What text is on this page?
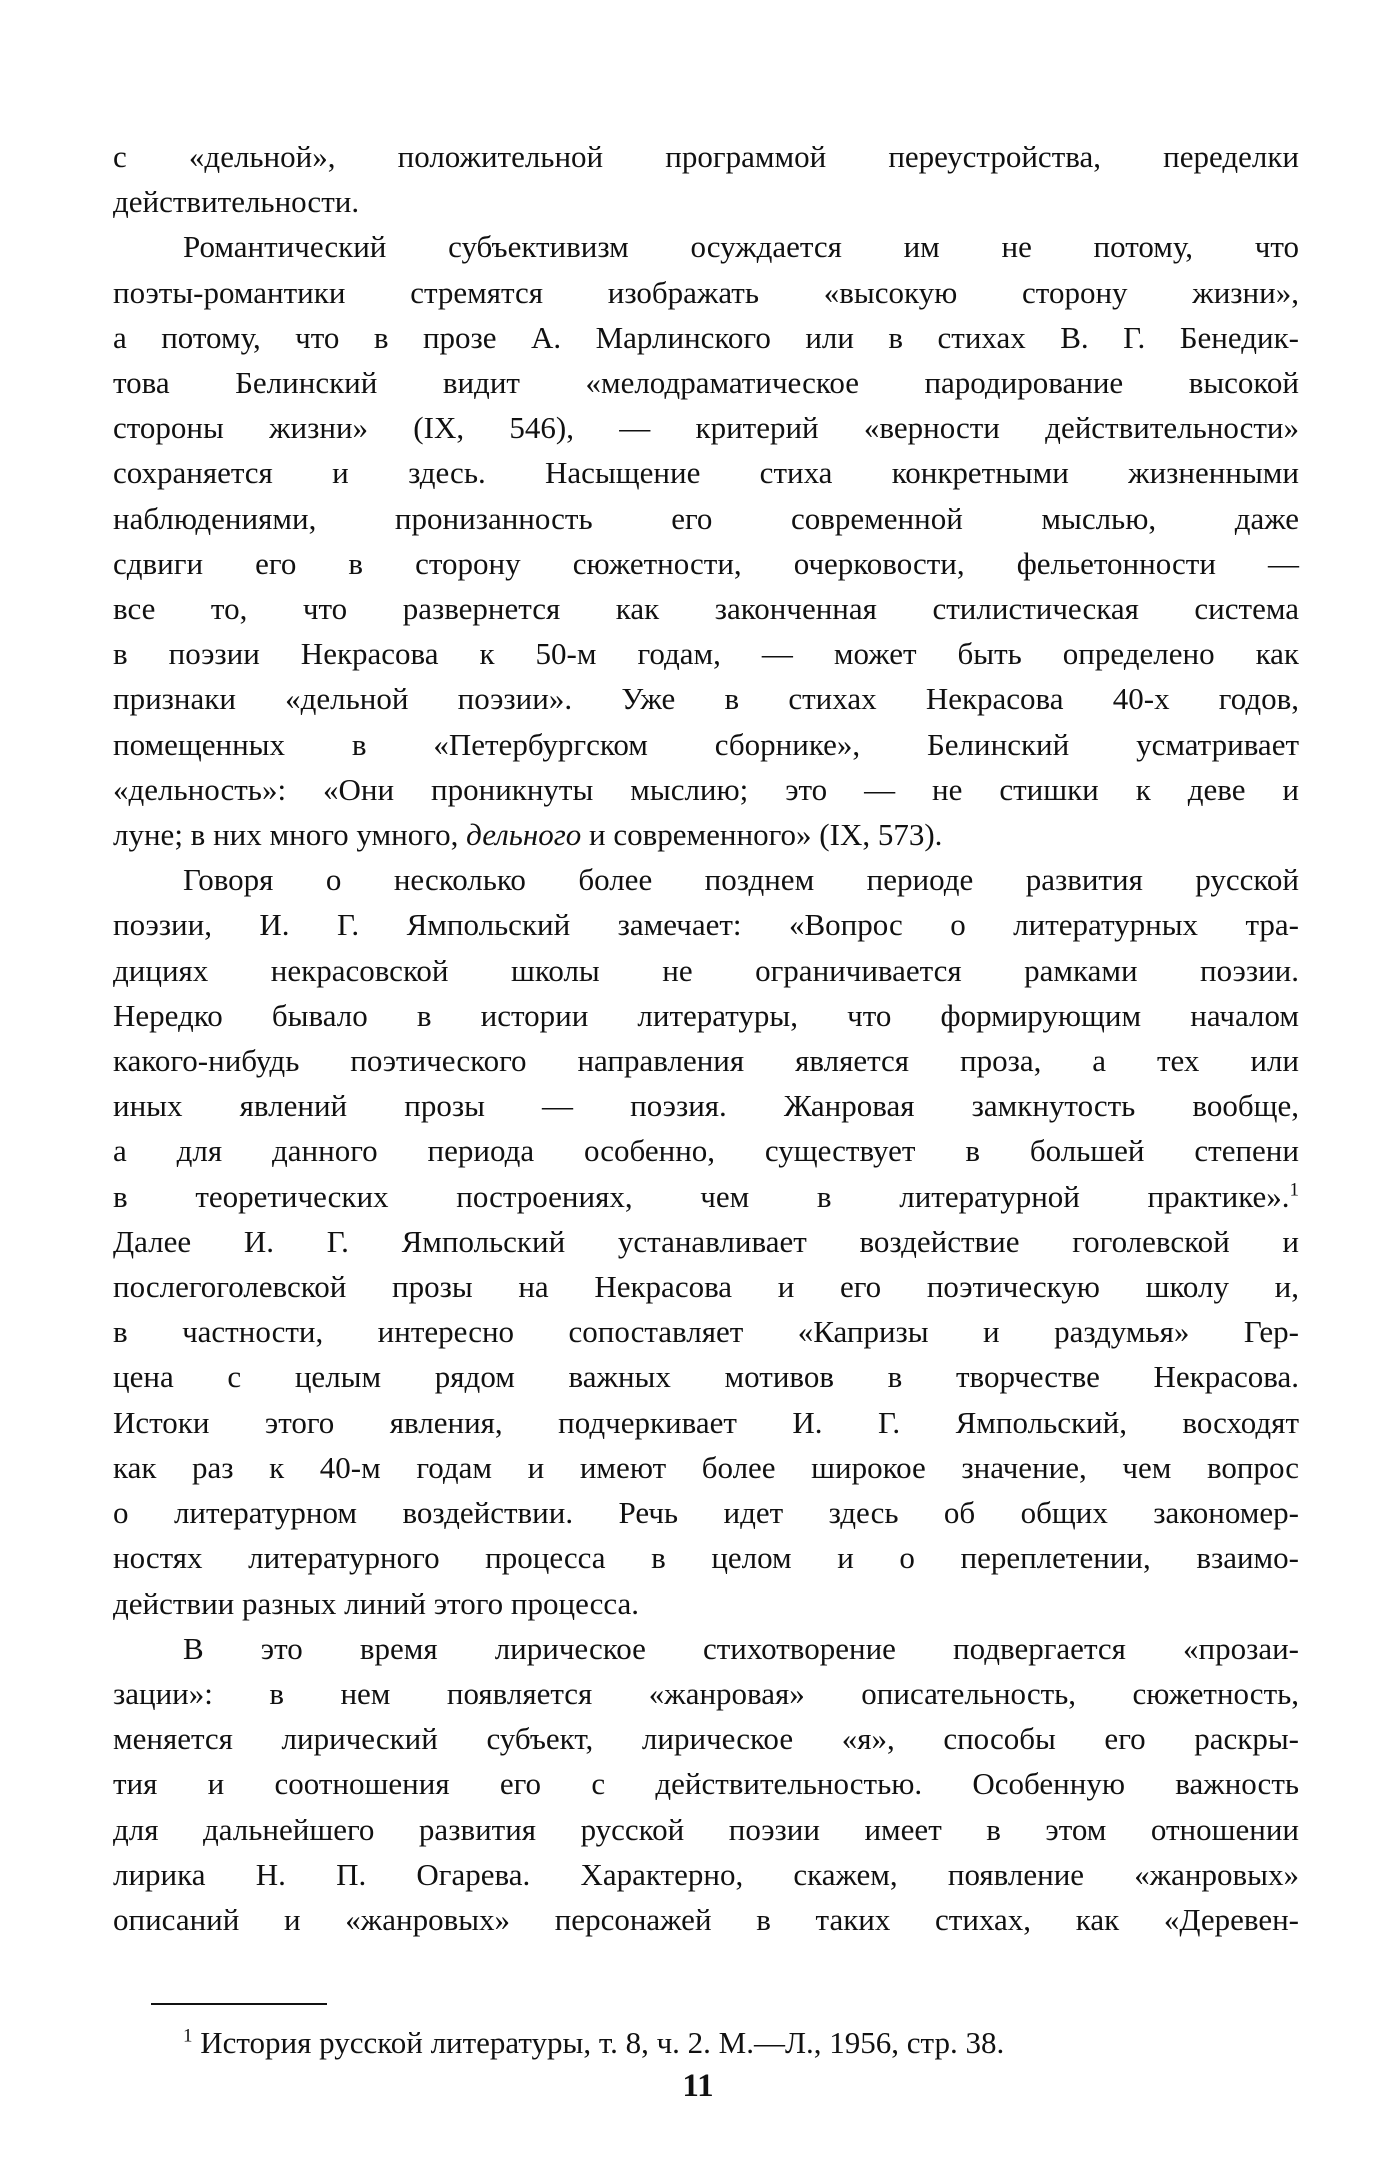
с «дельной», положительной программой переустройства, переделки
действительности.

Романтический субъективизм осуждается им не потому, что
поэты-романтики стремятся изображать «высокую сторону жизни»,
а потому, что в прозе А. Марлинского или в стихах В. Г. Бенедик-
това Белинский видит «мелодраматическое пародирование высокой
стороны жизни» (IX, 546), — критерий «верности действительности»
сохраняется и здесь. Насыщение стиха конкретными жизненными
наблюдениями, пронизанность его современной мыслью, даже
сдвиги его в сторону сюжетности, очерковости, фельетонности —
все то, что развернется как законченная стилистическая система
в поэзии Некрасова к 50-м годам, — может быть определено как
признаки «дельной поэзии». Уже в стихах Некрасова 40-х годов,
помещенных в «Петербургском сборнике», Белинский усматривает
«дельность»: «Они проникнуты мыслию; это — не стишки к деве и
луне; в них много умного, дельного и современного» (IX, 573).

Говоря о несколько более позднем периоде развития русской
поэзии, И. Г. Ямпольский замечает: «Вопрос о литературных тра-
дициях некрасовской школы не ограничивается рамками поэзии.
Нередко бывало в истории литературы, что формирующим началом
какого-нибудь поэтического направления является проза, а тех или
иных явлений прозы — поэзия. Жанровая замкнутость вообще,
а для данного периода особенно, существует в большей степени
в теоретических построениях, чем в литературной практике».$^1$
Далее И. Г. Ямпольский устанавливает воздействие гоголевской и
послегоголевской прозы на Некрасова и его поэтическую школу и,
в частности, интересно сопоставляет «Капризы и раздумья» Гер-
цена с целым рядом важных мотивов в творчестве Некрасова.
Истоки этого явления, подчеркивает И. Г. Ямпольский, восходят
как раз к 40-м годам и имеют более широкое значение, чем вопрос
о литературном воздействии. Речь идет здесь об общих закономер-
ностях литературного процесса в целом и о переплетении, взаимо-
действии разных линий этого процесса.

В это время лирическое стихотворение подвергается «прозаи-
зации»: в нем появляется «жанровая» описательность, сюжетность,
меняется лирический субъект, лирическое «я», способы его раскры-
тия и соотношения его с действительностью. Особенную важность
для дальнейшего развития русской поэзии имеет в этом отношении
лирика Н. П. Огарева. Характерно, скажем, появление «жанровых»
описаний и «жанровых» персонажей в таких стихах, как «Деревен-

$^1$ История русской литературы, т. 8, ч. 2. М.—Л., 1956, стр. 38.
11
